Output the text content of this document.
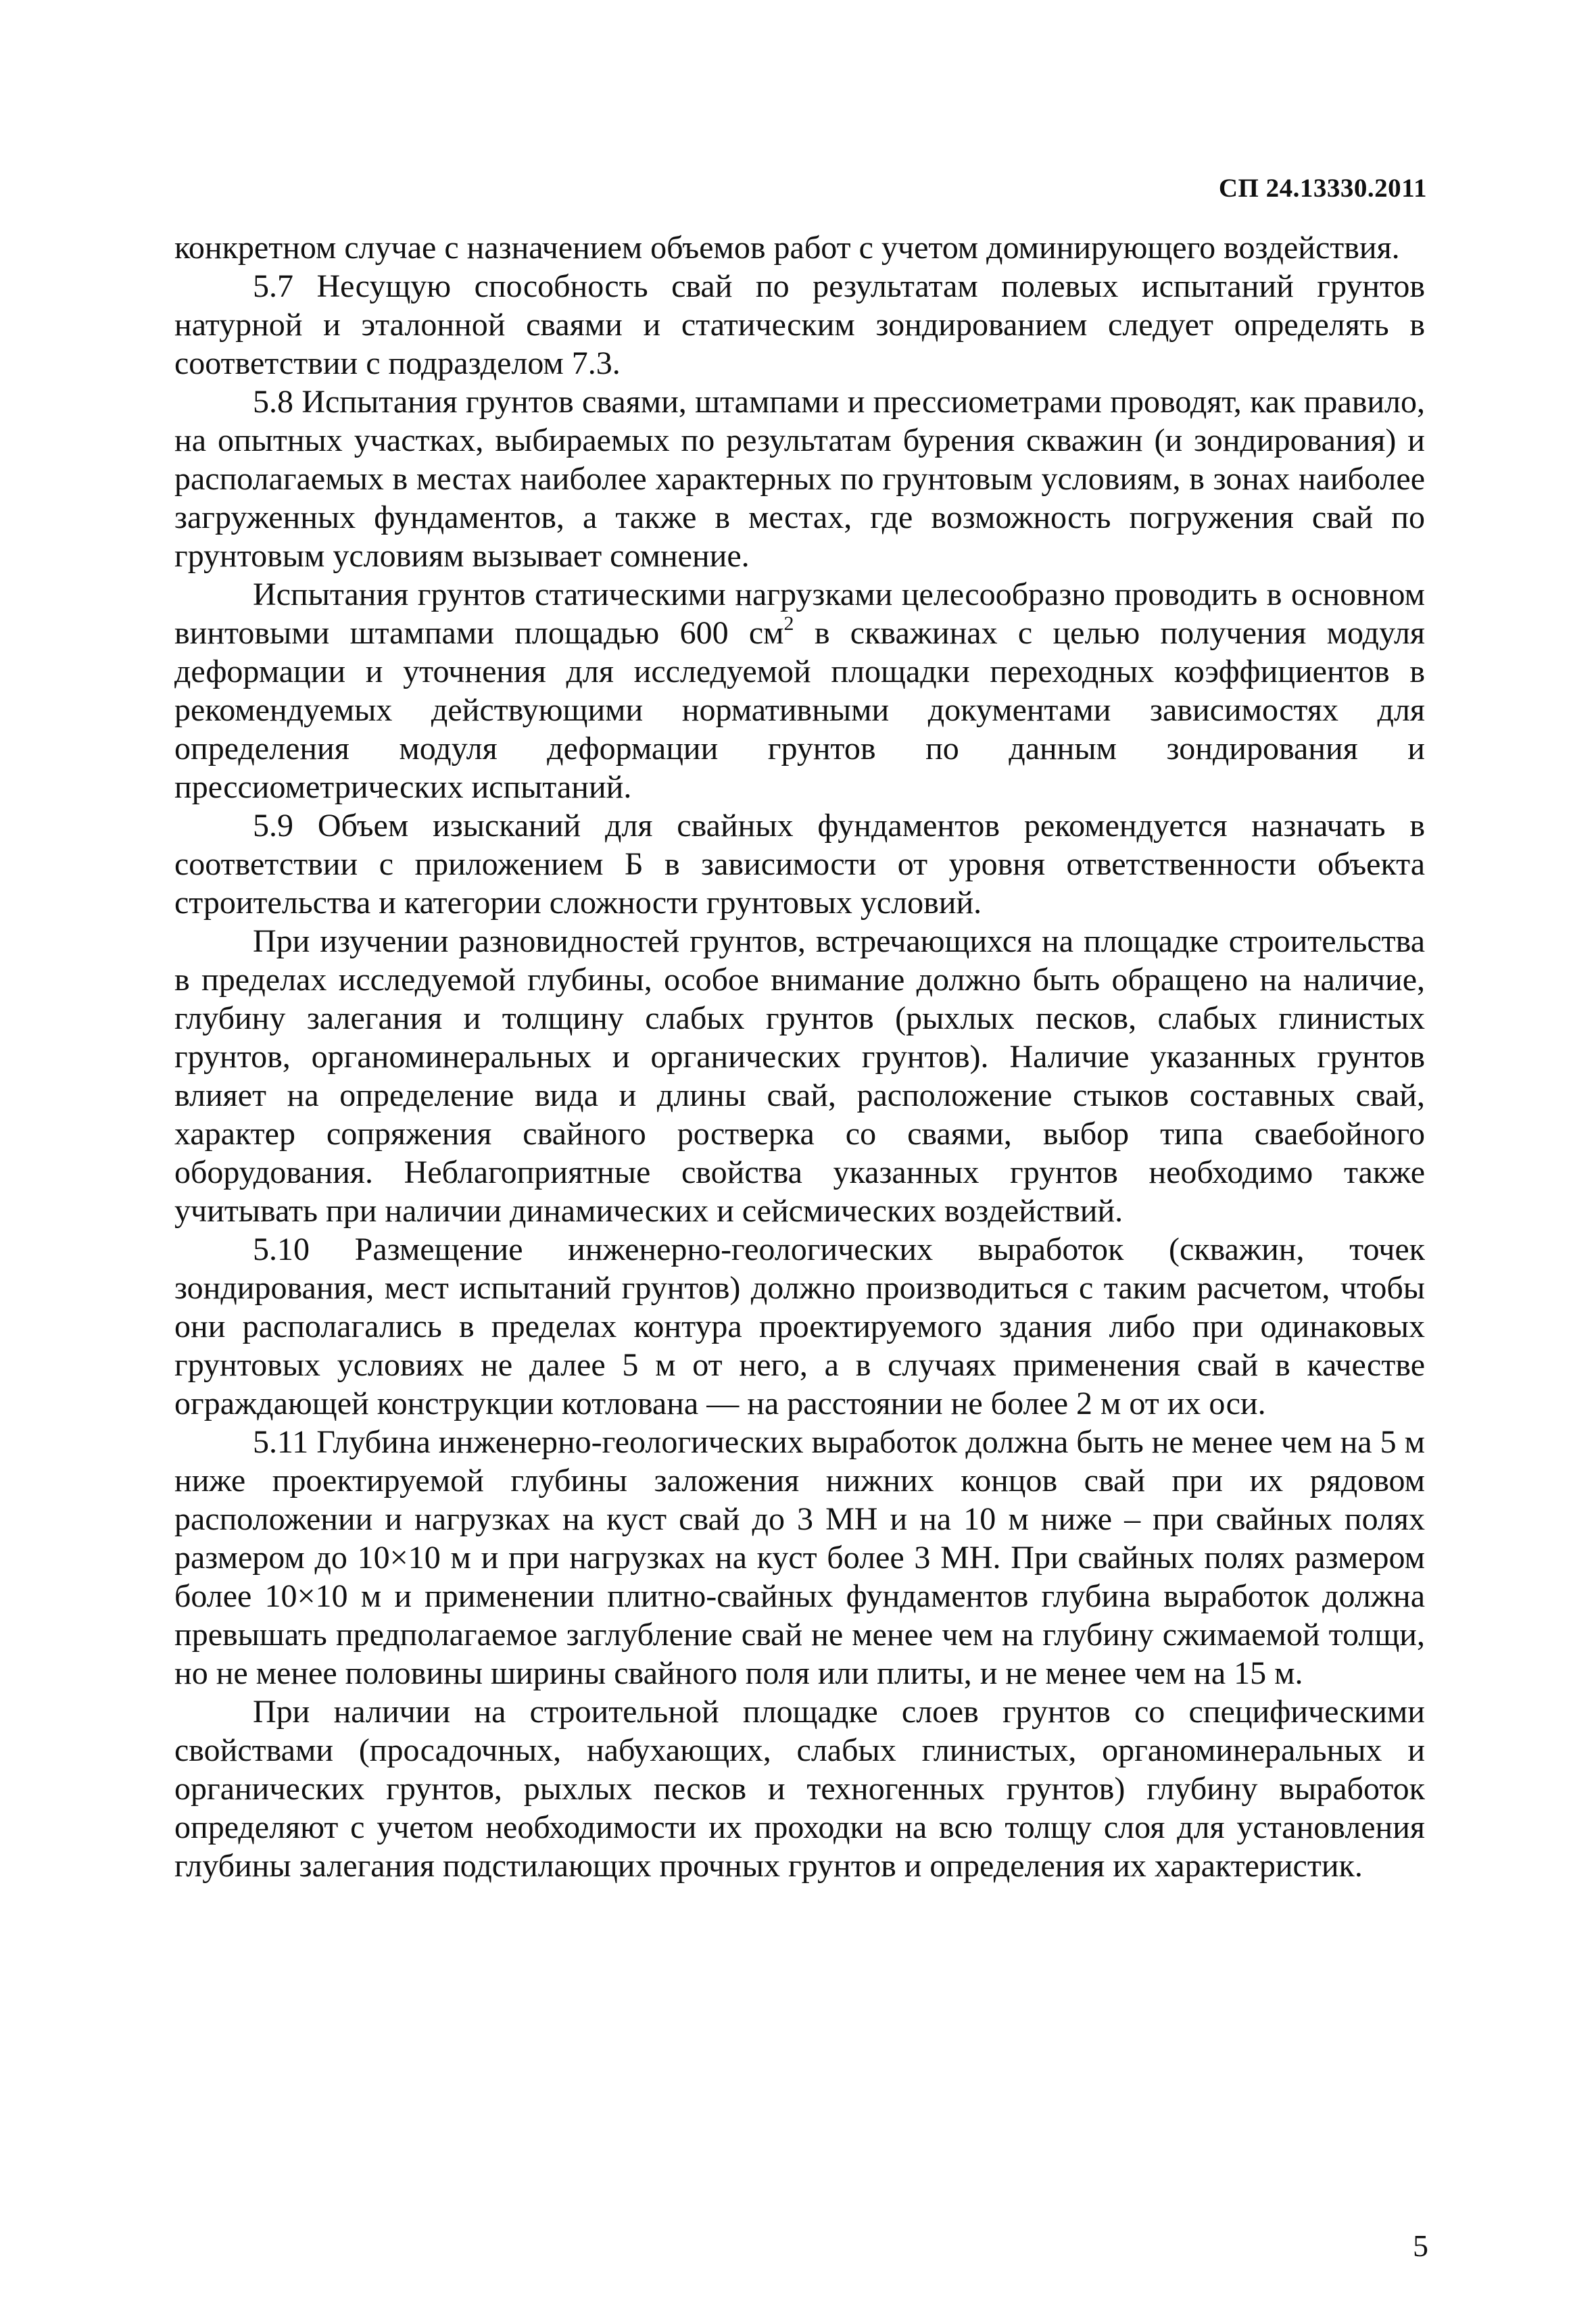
СП 24.13330.2011

конкретном случае с назначением объемов работ с учетом доминирующего воздействия.

5.7 Несущую способность свай по результатам полевых испытаний грунтов натурной и эталонной сваями и статическим зондированием следует определять в соответствии с подразделом 7.3.

5.8 Испытания грунтов сваями, штампами и прессиометрами проводят, как правило, на опытных участках, выбираемых по результатам бурения скважин (и зондирования) и располагаемых в местах наиболее характерных по грунтовым условиям, в зонах наиболее загруженных фундаментов, а также в местах, где возможность погружения свай по грунтовым условиям вызывает сомнение.

Испытания грунтов статическими нагрузками целесообразно проводить в основном винтовыми штампами площадью 600 $см^2$ в скважинах с целью получения модуля деформации и уточнения для исследуемой площадки переходных коэффициентов в рекомендуемых действующими нормативными документами зависимостях для определения модуля деформации грунтов по данным зондирования и прессиометрических испытаний.

5.9 Объем изысканий для свайных фундаментов рекомендуется назначать в соответствии с приложением Б в зависимости от уровня ответственности объекта строительства и категории сложности грунтовых условий.

При изучении разновидностей грунтов, встречающихся на площадке строительства в пределах исследуемой глубины, особое внимание должно быть обращено на наличие, глубину залегания и толщину слабых грунтов (рыхлых песков, слабых глинистых грунтов, органоминеральных и органических грунтов). Наличие указанных грунтов влияет на определение вида и длины свай, расположение стыков составных свай, характер сопряжения свайного ростверка со сваями, выбор типа сваебойного оборудования. Неблагоприятные свойства указанных грунтов необходимо также учитывать при наличии динамических и сейсмических воздействий.

5.10 Размещение инженерно-геологических выработок (скважин, точек зондирования, мест испытаний грунтов) должно производиться с таким расчетом, чтобы они располагались в пределах контура проектируемого здания либо при одинаковых грунтовых условиях не далее 5 м от него, а в случаях применения свай в качестве ограждающей конструкции котлована — на расстоянии не более 2 м от их оси.

5.11 Глубина инженерно-геологических выработок должна быть не менее чем на 5 м ниже проектируемой глубины заложения нижних концов свай при их рядовом расположении и нагрузках на куст свай до 3 МН и на 10 м ниже – при свайных полях размером до 10×10 м и при нагрузках на куст более 3 МН. При свайных полях размером более 10×10 м и применении плитно-свайных фундаментов глубина выработок должна превышать предполагаемое заглубление свай не менее чем на глубину сжимаемой толщи, но не менее половины ширины свайного поля или плиты, и не менее чем на 15 м.

При наличии на строительной площадке слоев грунтов со специфическими свойствами (просадочных, набухающих, слабых глинистых, органоминеральных и органических грунтов, рыхлых песков и техногенных грунтов) глубину выработок определяют с учетом необходимости их проходки на всю толщу слоя для установления глубины залегания подстилающих прочных грунтов и определения их характеристик.

5
